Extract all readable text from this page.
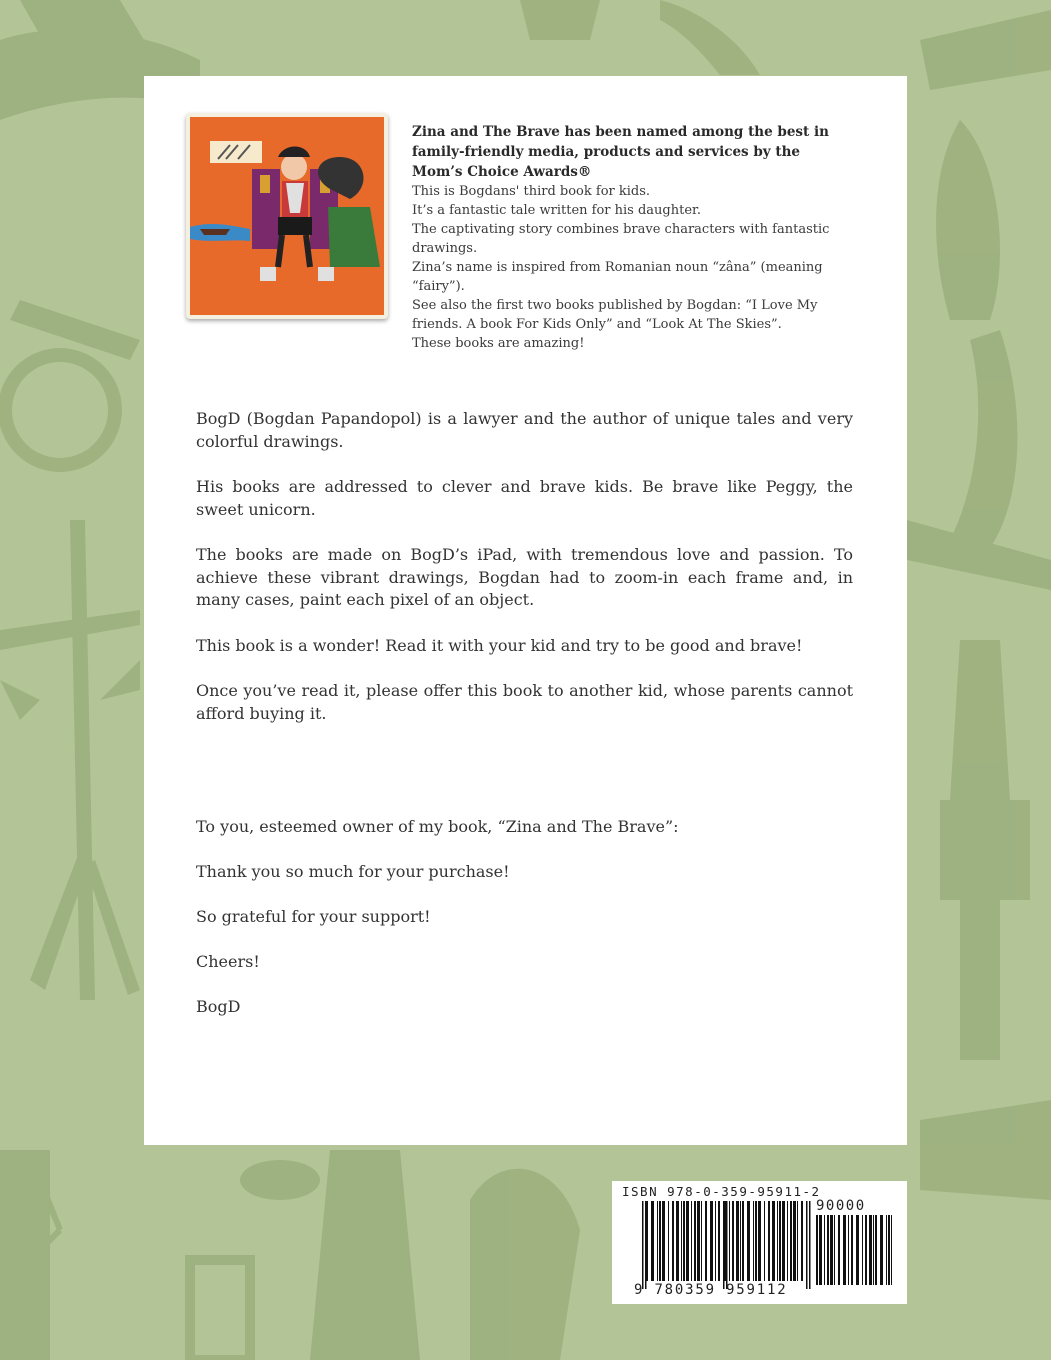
Zina and The Brave has been named among the best in family-friendly media, products and services by the Mom’s Choice Awards®
This is Bogdans' third book for kids.
It’s a fantastic tale written for his daughter.
The captivating story combines brave characters with fantastic drawings.
Zina’s name is inspired from Romanian noun “zâna” (meaning “fairy”).
See also the first two books published by Bogdan: “I Love My friends. A book For Kids Only” and “Look At The Skies”.
These books are amazing!

BogD (Bogdan Papandopol) is a lawyer and the author of unique tales and very colorful drawings.

His books are addressed to clever and brave kids. Be brave like Peggy, the sweet unicorn.

The books are made on BogD’s iPad, with tremendous love and passion. To achieve these vibrant drawings, Bogdan had to zoom-in each frame and, in many cases, paint each pixel of an object.

This book is a wonder! Read it with your kid and try to be good and brave!

Once you’ve read it, please offer this book to another kid, whose parents cannot afford buying it.

To you, esteemed owner of my book, “Zina and The Brave”:

Thank you so much for your purchase!

So grateful for your support!

Cheers!

BogD

ISBN 978-0-359-95911-2
90000
9 780359 959112
